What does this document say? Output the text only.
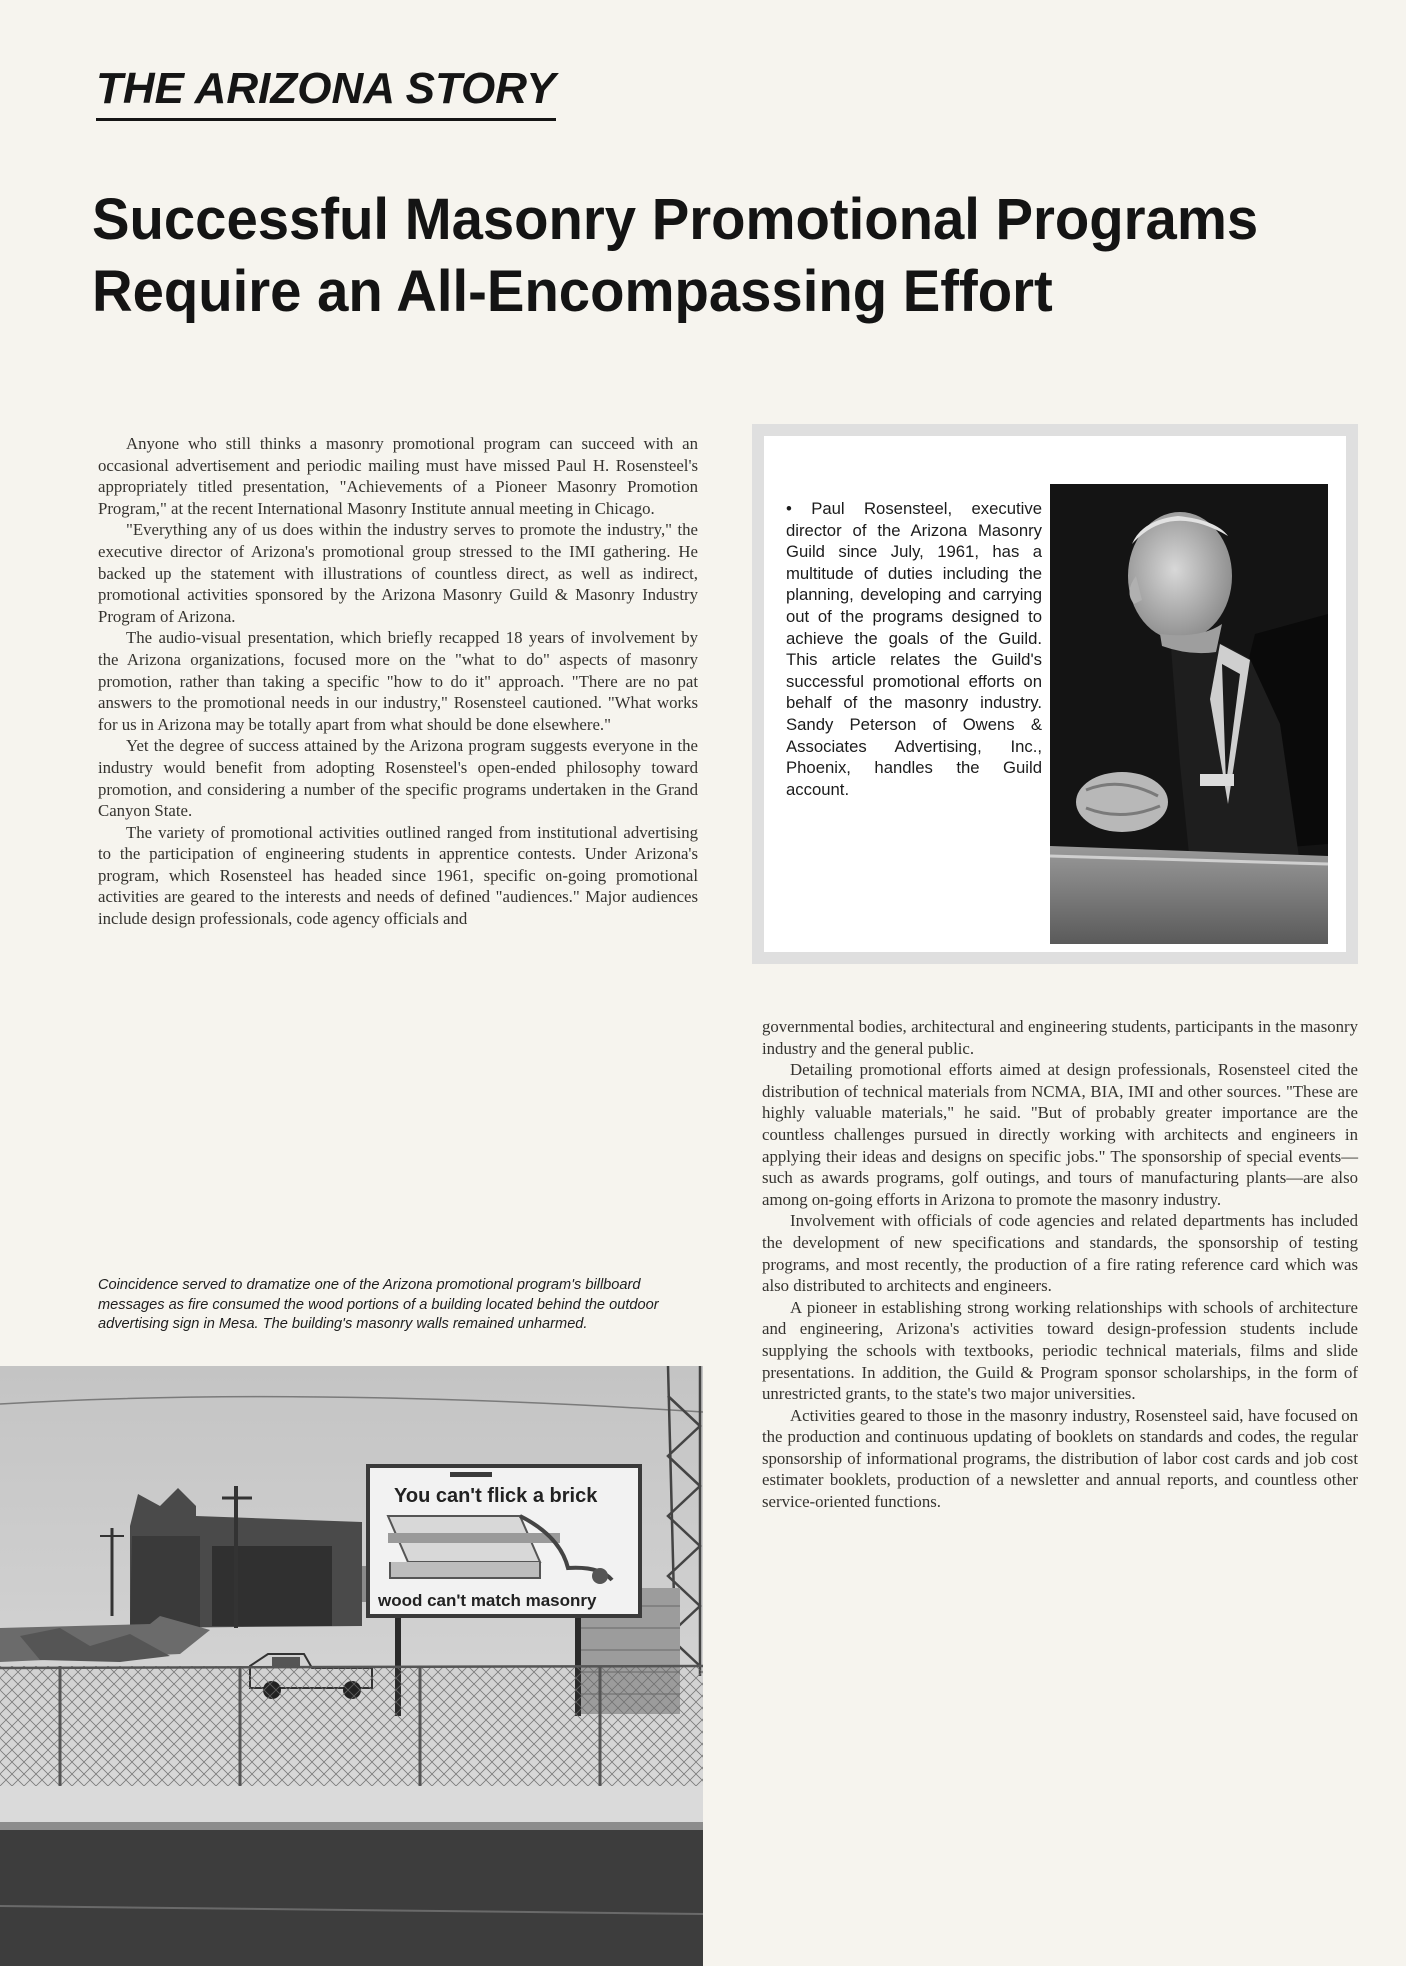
THE ARIZONA STORY
Successful Masonry Promotional Programs
Require an All-Encompassing Effort

Anyone who still thinks a masonry promotional program can succeed with an occasional advertisement and periodic mailing must have missed Paul H. Rosensteel's appropriately titled presentation, "Achievements of a Pioneer Masonry Promotion Program," at the recent International Masonry Institute annual meeting in Chicago.

"Everything any of us does within the industry serves to promote the industry," the executive director of Arizona's promotional group stressed to the IMI gathering. He backed up the statement with illustrations of countless direct, as well as indirect, promotional activities sponsored by the Arizona Masonry Guild & Masonry Industry Program of Arizona.

The audio-visual presentation, which briefly recapped 18 years of involvement by the Arizona organizations, focused more on the "what to do" aspects of masonry promotion, rather than taking a specific "how to do it" approach. "There are no pat answers to the promotional needs in our industry," Rosensteel cautioned. "What works for us in Arizona may be totally apart from what should be done elsewhere."

Yet the degree of success attained by the Arizona program suggests everyone in the industry would benefit from adopting Rosensteel's open-ended philosophy toward promotion, and considering a number of the specific programs undertaken in the Grand Canyon State.

The variety of promotional activities outlined ranged from institutional advertising to the participation of engineering students in apprentice contests. Under Arizona's program, which Rosensteel has headed since 1961, specific on-going promotional activities are geared to the interests and needs of defined "audiences." Major audiences include design professionals, code agency officials and

Coincidence served to dramatize one of the Arizona promotional program's billboard messages as fire consumed the wood portions of a building located behind the outdoor advertising sign in Mesa. The building's masonry walls remained unharmed.

• Paul Rosensteel, executive director of the Arizona Masonry Guild since July, 1961, has a multitude of duties including the planning, developing and carrying out of the programs designed to achieve the goals of the Guild. This article relates the Guild's successful promotional efforts on behalf of the masonry industry. Sandy Peterson of Owens & Associates Advertising, Inc., Phoenix, handles the Guild account.

governmental bodies, architectural and engineering students, participants in the masonry industry and the general public.

Detailing promotional efforts aimed at design professionals, Rosensteel cited the distribution of technical materials from NCMA, BIA, IMI and other sources. "These are highly valuable materials," he said. "But of probably greater importance are the countless challenges pursued in directly working with architects and engineers in applying their ideas and designs on specific jobs." The sponsorship of special events—such as awards programs, golf outings, and tours of manufacturing plants—are also among on-going efforts in Arizona to promote the masonry industry.

Involvement with officials of code agencies and related departments has included the development of new specifications and standards, the sponsorship of testing programs, and most recently, the production of a fire rating reference card which was also distributed to architects and engineers.

A pioneer in establishing strong working relationships with schools of architecture and engineering, Arizona's activities toward design-profession students include supplying the schools with textbooks, periodic technical materials, films and slide presentations. In addition, the Guild & Program sponsor scholarships, in the form of unrestricted grants, to the state's two major universities.

Activities geared to those in the masonry industry, Rosensteel said, have focused on the production and continuous updating of booklets on standards and codes, the regular sponsorship of informational programs, the distribution of labor cost cards and job cost estimater booklets, production of a newsletter and annual reports, and countless other service-oriented functions.

You can't flick a brick
wood can't match masonry
